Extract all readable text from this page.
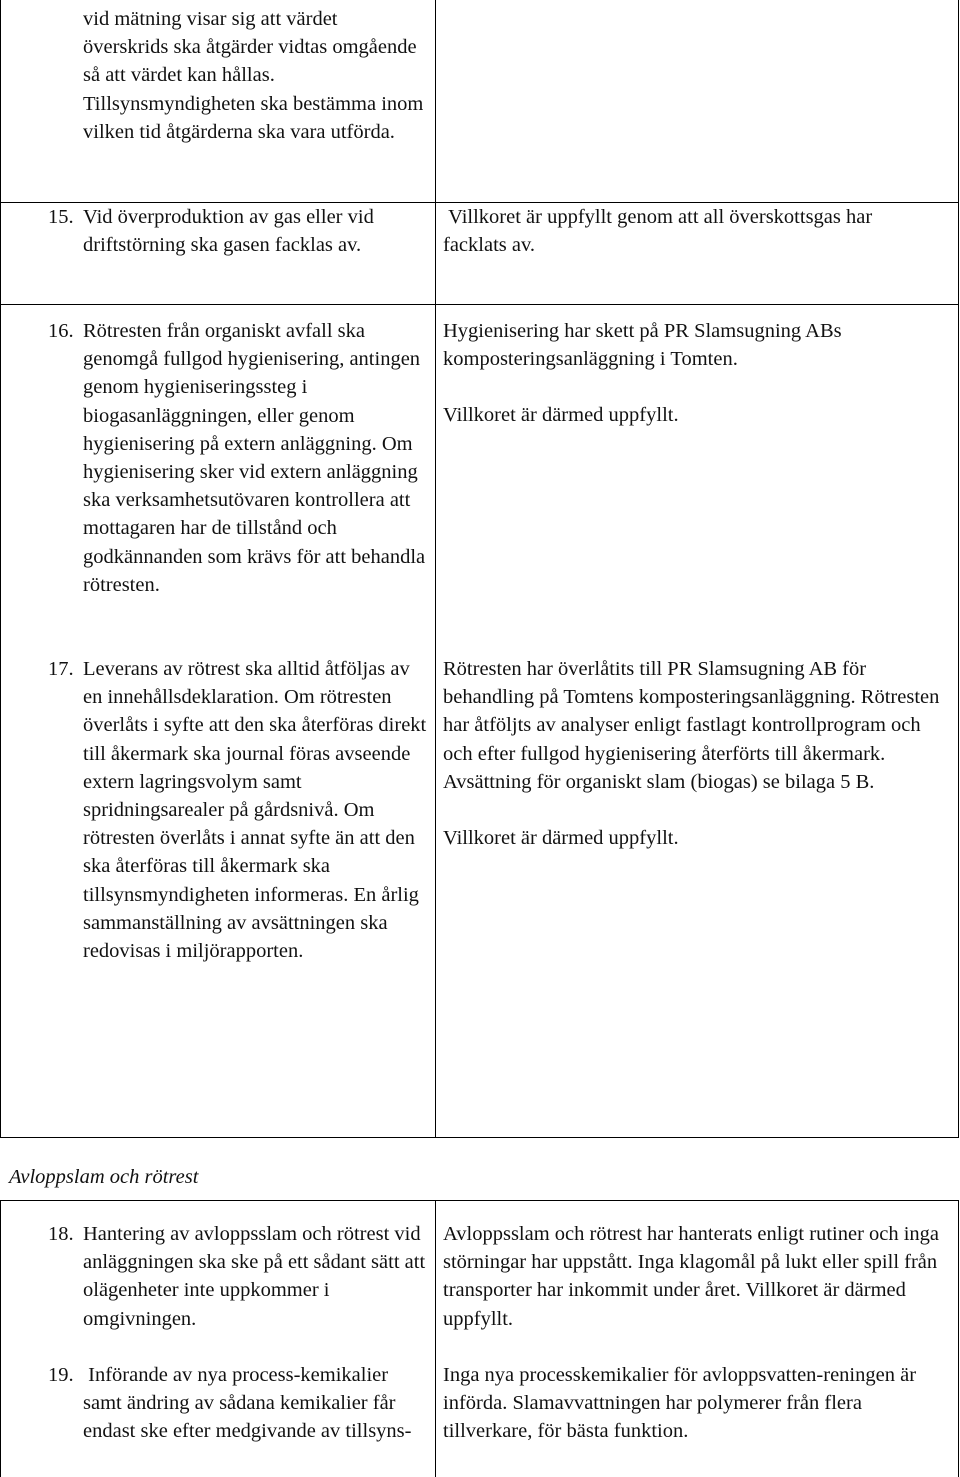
vid mätning visar sig att värdet överskrids ska åtgärder vidtas omgående så att värdet kan hållas. Tillsynsmyndigheten ska bestämma inom vilken tid åtgärderna ska vara utförda.

15. Vid överproduktion av gas eller vid driftstörning ska gasen facklas av.
16. Rötresten från organiskt avfall ska genomgå fullgod hygienisering, antingen genom hygieniseringssteg i biogasanläggningen, eller genom hygienisering på extern anläggning. Om hygienisering sker vid extern anläggning ska verksamhetsutövaren kontrollera att mottagaren har de tillstånd och godkännanden som krävs för att behandla rötresten.
17. Leverans av rötrest ska alltid åtföljas av en innehållsdeklaration. Om rötresten överlåts i syfte att den ska återföras direkt till åkermark ska journal föras avseende extern lagringsvolym samt spridningsarealer på gårdsnivå. Om rötresten överlåts i annat syfte än att den ska återföras till åkermark ska tillsynsmyndigheten informeras. En årlig sammanställning av avsättningen ska redovisas i miljörapporten.

Villkoret är uppfyllt genom att all överskottsgas har facklats av.

Hygienisering har skett på PR Slamsugning ABs komposteringsanläggning i Tomten.

Villkoret är därmed uppfyllt.

Rötresten har överlåtits till PR Slamsugning AB för behandling på Tomtens komposteringsanläggning. Rötresten har åtföljts av analyser enligt fastlagt kontrollprogram och och efter fullgod hygienisering återförts till åkermark. Avsättning för organiskt slam (biogas) se bilaga 5 B.

Villkoret är därmed uppfyllt.

Avloppslam och rötrest
18. Hantering av avloppsslam och rötrest vid anläggningen ska ske på ett sådant sätt att olägenheter inte uppkommer i omgivningen.
19. Införande av nya process-kemikalier samt ändring av sådana kemikalier får endast ske efter medgivande av tillsyns-

Avloppsslam och rötrest har hanterats enligt rutiner och inga störningar har uppstått. Inga klagomål på lukt eller spill från transporter har inkommit under året. Villkoret är därmed uppfyllt.

Inga nya processkemikalier för avloppsvatten-reningen är införda. Slamavvattningen har polymerer från flera tillverkare, för bästa funktion.
